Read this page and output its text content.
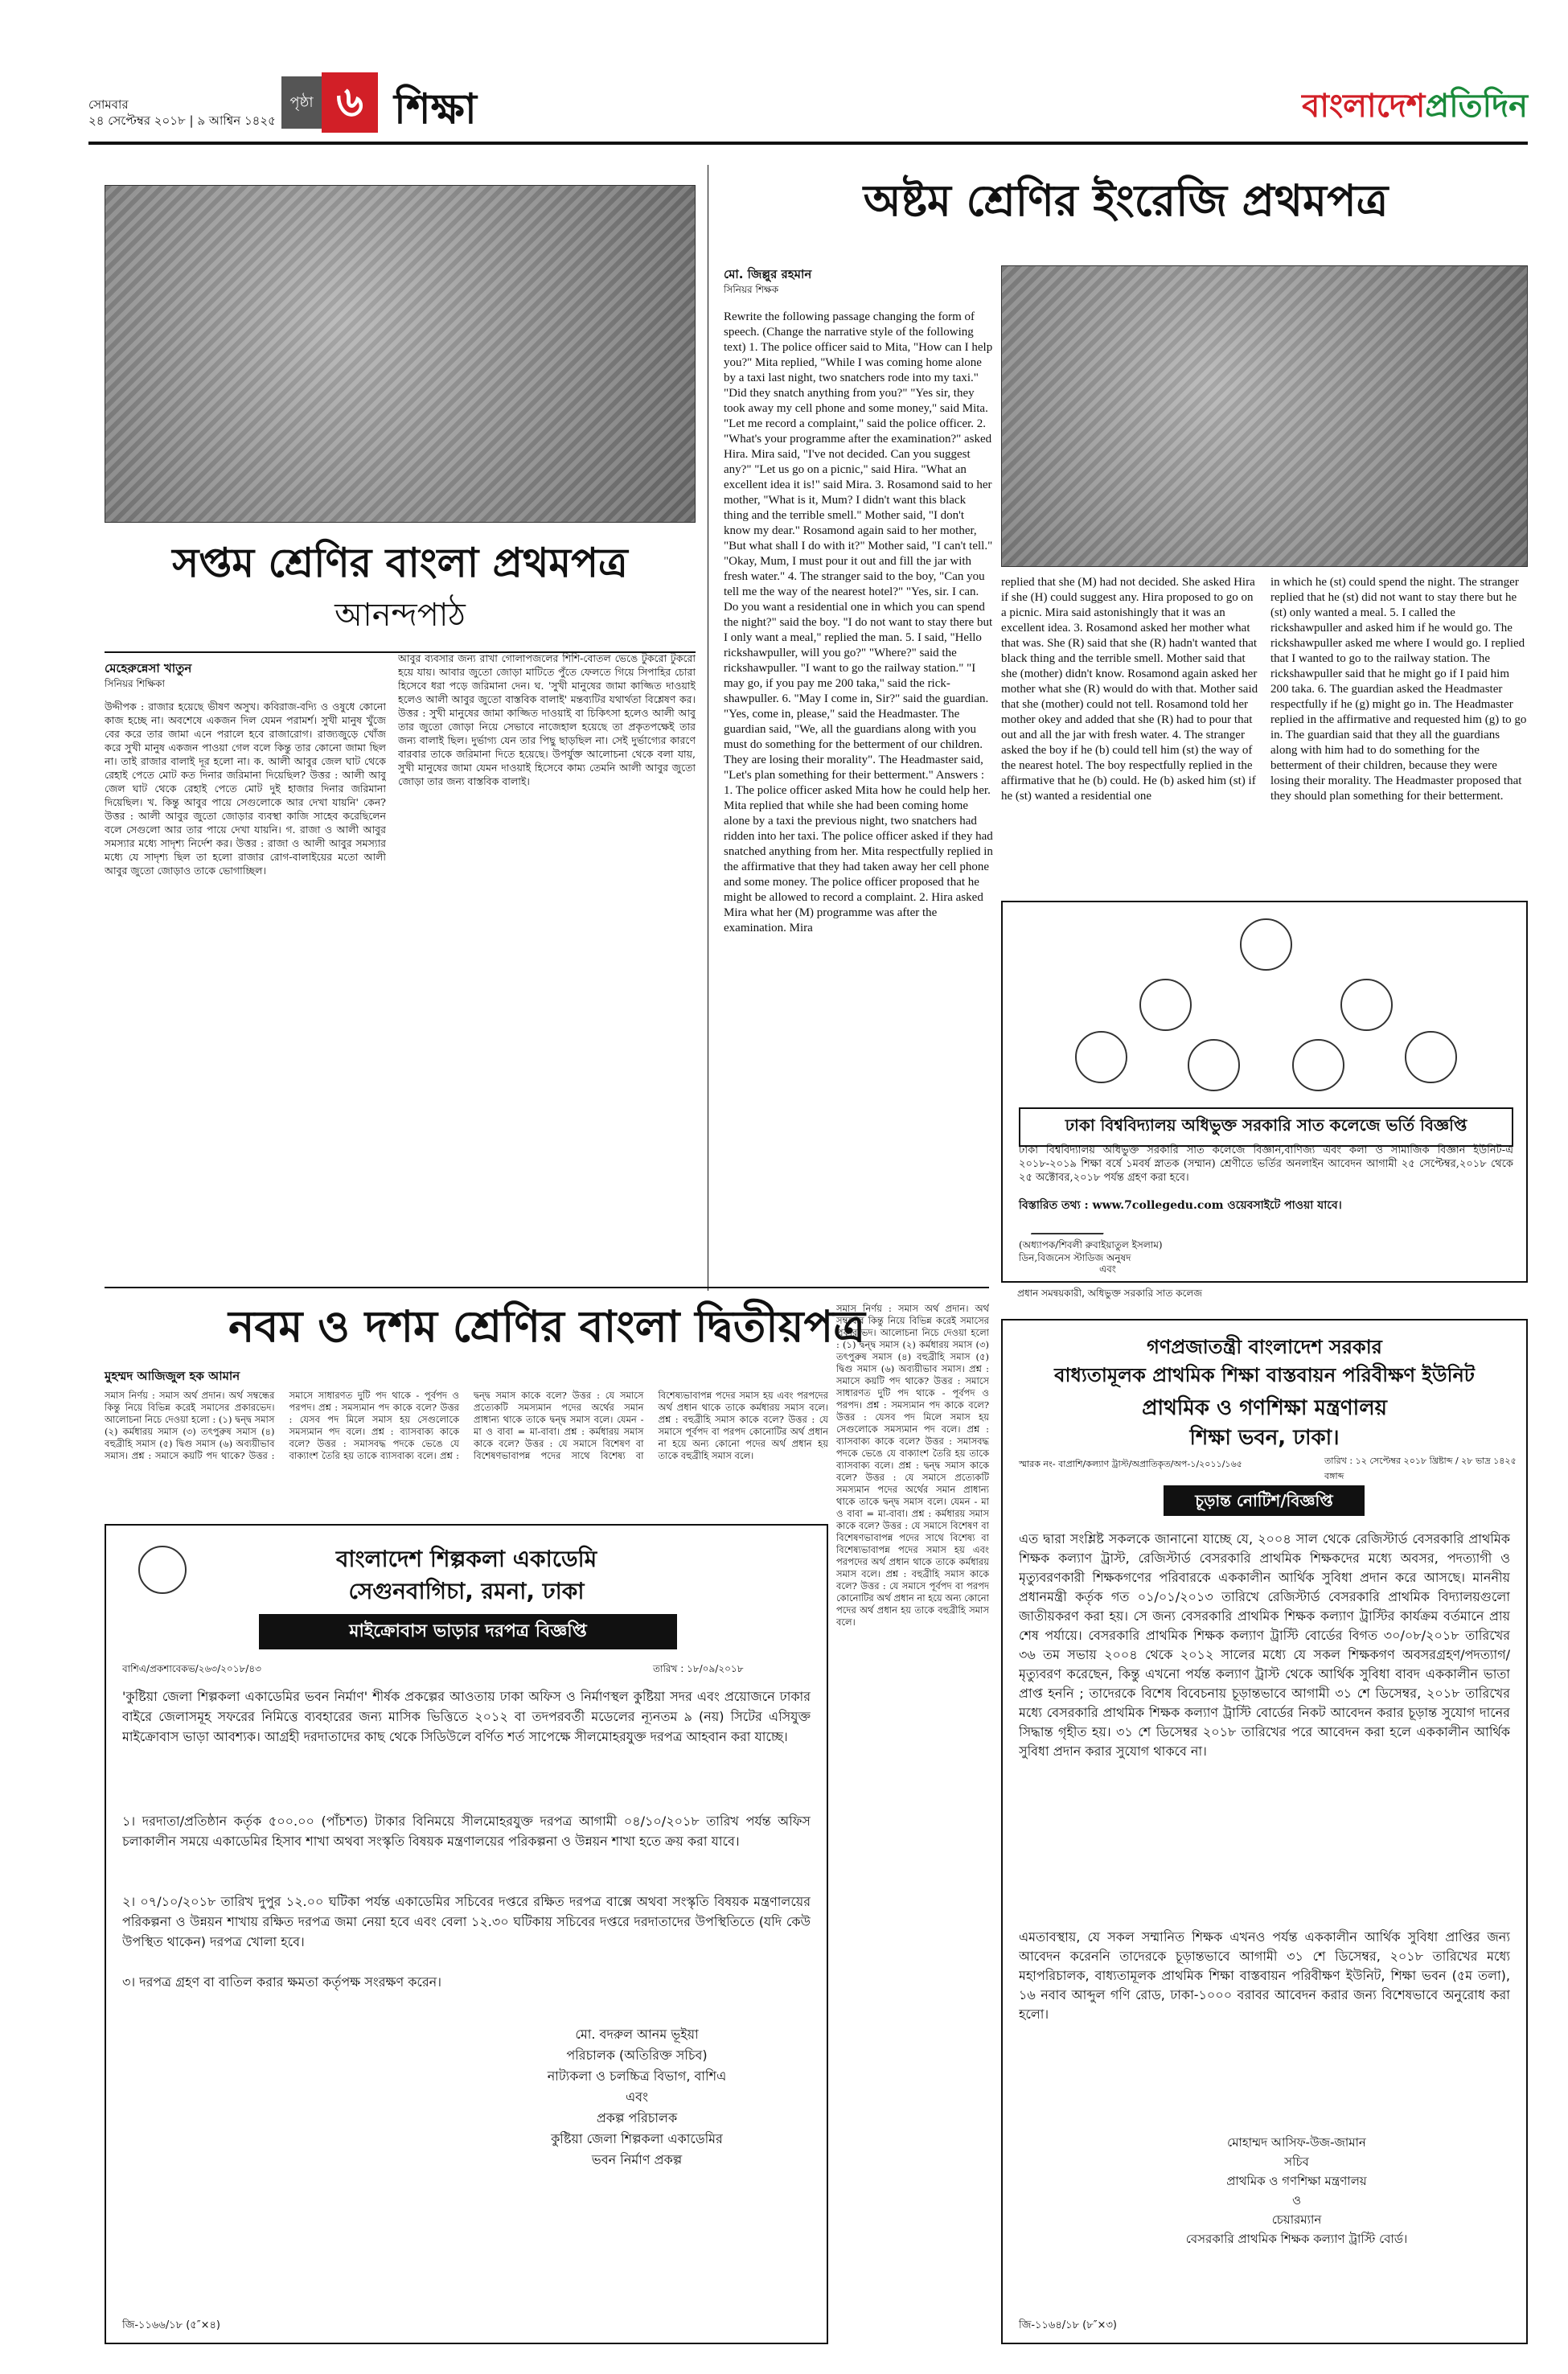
সোমবার
২৪ সেপ্টেম্বর ২০১৮ | ৯ আশ্বিন ১৪২৫
পৃষ্ঠা ৬ শিক্ষা	বাংলাদেশপ্রতিদিন
সপ্তম শ্রেণির বাংলা প্রথমপত্র
আনন্দপাঠ
মেহেরুন্নেসা খাতুন
সিনিয়র শিক্ষিকা
উদ্দীপক : রাজার হয়েছে ভীষণ অসুখ। কবিরাজ-বদ্যি ও ওষুধে কোনো কাজ হচ্ছে না। অবশেষে একজন দিল যেমন পরামর্শ। সুখী মানুষ খুঁজে বের করে তার জামা এনে পরালে হবে রাজারোগ। রাজ্যজুড়ে খোঁজ করে সুখী মানুষ একজন পাওয়া গেল বলে কিন্তু তার কোনো জামা ছিল না। তাই রাজার বালাই দূর হলো না। ক. আলী আবুর জেল ঘাট থেকে রেহাই পেতে মোট কত দিনার জরিমানা দিয়েছিল? উত্তর : আলী আবু জেল ঘাট থেকে রেহাই পেতে মোট দুই হাজার দিনার জরিমানা দিয়েছিল। খ. কিন্তু আবুর পায়ে সেগুলোকে আর দেখা যায়নি' কেন? উত্তর : আলী আবুর জুতো জোড়ার ব্যবস্থা কাজি সাহেব করেছিলেন বলে সেগুলো আর তার পায়ে দেখা যায়নি। গ. রাজা ও আলী আবুর সমস্যার মধ্যে সাদৃশ্য নির্দেশ কর। উত্তর : রাজা ও আলী আবুর সমস্যার মধ্যে যে সাদৃশ্য ছিল তা হলো রাজার রোগ-বালাইয়ের মতো আলী আবুর জুতো জোড়াও তাকে ভোগাচ্ছিল।
আবুর ব্যবসার জন্য রাখা গোলাপজলের শিশি-বোতল ভেঙে টুকরো টুকরো হয়ে যায়। আবার জুতো জোড়া মাটিতে পুঁতে ফেলতে গিয়ে সিপাহির চোরা হিসেবে ধরা পড়ে জরিমানা দেন। ঘ. 'সুখী মানুষের জামা কাজ্জিত দাওয়াই হলেও আলী আবুর জুতো বাস্তবিক বালাই' মন্তব্যটির যথার্থতা বিশ্লেষণ কর। উত্তর : সুখী মানুষের জামা কাজ্জিত দাওয়াই বা চিকিৎসা হলেও আলী আবু তার জুতো জোড়া নিয়ে সেভাবে নাজেহাল হয়েছে তা প্রকৃতপক্ষেই তার জন্য বালাই ছিল। দুর্ভাগ্য যেন তার পিছু ছাড়ছিল না। সেই দুর্ভাগ্যের কারণে বারবার তাকে জরিমানা দিতে হয়েছে। উপর্যুক্ত আলোচনা থেকে বলা যায়, সুখী মানুষের জামা যেমন দাওয়াই হিসেবে কাম্য তেমনি আলী আবুর জুতো জোড়া তার জন্য বাস্তবিক বালাই।
অষ্টম শ্রেণির ইংরেজি প্রথমপত্র
মো. জিল্লুর রহমান
সিনিয়র শিক্ষক
Rewrite the following passage changing the form of speech. (Change the narrative style of the following text) 1. The police officer said to Mita, "How can I help you?" Mita replied, "While I was coming home alone by a taxi last night, two snatchers rode into my taxi." "Did they snatch anything from you?" "Yes sir, they took away my cell phone and some money," said Mita. "Let me record a complaint," said the police officer. 2. "What's your programme after the examination?" asked Hira. Mira said, "I've not decided. Can you suggest any?" "Let us go on a picnic," said Hira. "What an excellent idea it is!" said Mira. 3. Rosamond said to her mother, "What is it, Mum? I didn't want this black thing and the terrible smell." Mother said, "I don't know my dear." Rosamond again said to her mother, "But what shall I do with it?" Mother said, "I can't tell." "Okay, Mum, I must pour it out and fill the jar with fresh water." 4. The stranger said to the boy, "Can you tell me the way of the nearest hotel?" "Yes, sir. I can. Do you want a residential one in which you can spend the night?" said the boy. "I do not want to stay there but I only want a meal," replied the man. 5. I said, "Hello rickshawpuller, will you go?" "Where?" said the rickshawpuller. "I want to go the railway station." "I may go, if you pay me 200 taka," said the rick-shawpuller. 6. "May I come in, Sir?" said the guardian. "Yes, come in, please," said the Headmaster. The guardian said, "We, all the guardians along with you must do something for the betterment of our children. They are losing their morality". The Headmaster said, "Let's plan something for their betterment." Answers : 1. The police officer asked Mita how he could help her. Mita replied that while she had been coming home alone by a taxi the previous night, two snatchers had ridden into her taxi. The police officer asked if they had snatched anything from her. Mita respectfully replied in the affirmative that they had taken away her cell phone and some money. The police officer proposed that he might be allowed to record a complaint. 2. Hira asked Mira what her (M) programme was after the examination. Mira
replied that she (M) had not decided. She asked Hira if she (H) could suggest any. Hira proposed to go on a picnic. Mira said astonishingly that it was an excellent idea. 3. Rosamond asked her mother what that was. She (R) said that she (R) hadn't wanted that black thing and the terrible smell. Mother said that she (mother) didn't know. Rosamond again asked her mother what she (R) would do with that. Mother said that she (mother) could not tell. Rosamond told her mother okey and added that she (R) had to pour that out and all the jar with fresh water. 4. The stranger asked the boy if he (b) could tell him (st) the way of the nearest hotel. The boy respectfully replied in the affirmative that he (b) could. He (b) asked him (st) if he (st) wanted a residential one
in which he (st) could spend the night. The stranger replied that he (st) did not want to stay there but he (st) only wanted a meal. 5. I called the rickshawpuller and asked him if he would go. The rickshawpuller asked me where I would go. I replied that I wanted to go to the railway station. The rickshawpuller said that he might go if I paid him 200 taka. 6. The guardian asked the Headmaster respectfully if he (g) might go in. The Headmaster replied in the affirmative and requested him (g) to go in. The guardian said that they all the guardians along with him had to do something for the betterment of their children, because they were losing their morality. The Headmaster proposed that they should plan something for their betterment.
ঢাকা বিশ্ববিদ্যালয় অধিভুক্ত সরকারি সাত কলেজে ভর্তি বিজ্ঞপ্তি
ঢাকা বিশ্ববিদ্যালয় অধিভুক্ত সরকারি সাত কলেজে বিজ্ঞান,বাণিজ্য এবং কলা ও সামাজিক বিজ্ঞান ইউনিট-এ ২০১৮-২০১৯ শিক্ষা বর্ষে ১মবর্ষ স্নাতক (সম্মান) শ্রেণীতে ভর্তির অনলাইন আবেদন আগামী ২৫ সেপ্টেম্বর,২০১৮ থেকে ২৫ অক্টোবর,২০১৮ পর্যন্ত গ্রহণ করা হবে।
বিস্তারিত তথ্য : www.7collegedu.com ওয়েবসাইটে পাওয়া যাবে।
(অধ্যাপক/শিবলী রুবাইয়াতুল ইসলাম)
ডিন,বিজনেস স্টাডিজ অনুষদ
এবং
প্রধান সমন্বয়কারী, অধিভুক্ত সরকারি সাত কলেজ
নবম ও দশম শ্রেণির বাংলা দ্বিতীয়পত্র
মুহম্মদ আজিজুল হক আমান
সমাস নির্ণয় : সমাস অর্থ প্রদান। অর্থ সম্বন্ধের কিন্তু নিয়ে বিভিন্ন করেই সমাসের প্রকারভেদ। আলোচনা নিচে দেওয়া হলো : (১) দ্বন্দ্ব সমাস (২) কর্মধারয় সমাস (৩) তৎপুরুষ সমাস (৪) বহুব্রীহি সমাস (৫) দ্বিগু সমাস (৬) অব্যয়ীভাব সমাস। প্রশ্ন : সমাসে কয়টি পদ থাকে? উত্তর : সমাসে সাধারণত দুটি পদ থাকে - পূর্বপদ ও পরপদ। প্রশ্ন : সমস্যমান পদ কাকে বলে? উত্তর : যেসব পদ মিলে সমাস হয় সেগুলোকে সমস্যমান পদ বলে। প্রশ্ন : ব্যাসবাক্য কাকে বলে? উত্তর : সমাসবদ্ধ পদকে ভেঙে যে বাক্যাংশ তৈরি হয় তাকে ব্যাসবাক্য বলে। প্রশ্ন : দ্বন্দ্ব সমাস কাকে বলে? উত্তর : যে সমাসে প্রত্যেকটি সমস্যমান পদের অর্থের সমান প্রাধান্য থাকে তাকে দ্বন্দ্ব সমাস বলে। যেমন - মা ও বাবা = মা-বাবা। প্রশ্ন : কর্মধারয় সমাস কাকে বলে? উত্তর : যে সমাসে বিশেষণ বা বিশেষণভাবাপন্ন পদের সাথে বিশেষ্য বা বিশেষ্যভাবাপন্ন পদের সমাস হয় এবং পরপদের অর্থ প্রধান থাকে তাকে কর্মধারয় সমাস বলে। প্রশ্ন : বহুব্রীহি সমাস কাকে বলে? উত্তর : যে সমাসে পূর্বপদ বা পরপদ কোনোটির অর্থ প্রধান না হয়ে অন্য কোনো পদের অর্থ প্রধান হয় তাকে বহুব্রীহি সমাস বলে।
সমাস নির্ণয় : সমাস অর্থ প্রদান। অর্থ সম্বন্ধের কিন্তু নিয়ে বিভিন্ন করেই সমাসের প্রকারভেদ। আলোচনা নিচে দেওয়া হলো : (১) দ্বন্দ্ব সমাস (২) কর্মধারয় সমাস (৩) তৎপুরুষ সমাস (৪) বহুব্রীহি সমাস (৫) দ্বিগু সমাস (৬) অব্যয়ীভাব সমাস। প্রশ্ন : সমাসে কয়টি পদ থাকে? উত্তর : সমাসে সাধারণত দুটি পদ থাকে - পূর্বপদ ও পরপদ। প্রশ্ন : সমস্যমান পদ কাকে বলে? উত্তর : যেসব পদ মিলে সমাস হয় সেগুলোকে সমস্যমান পদ বলে। প্রশ্ন : ব্যাসবাক্য কাকে বলে? উত্তর : সমাসবদ্ধ পদকে ভেঙে যে বাক্যাংশ তৈরি হয় তাকে ব্যাসবাক্য বলে। প্রশ্ন : দ্বন্দ্ব সমাস কাকে বলে? উত্তর : যে সমাসে প্রত্যেকটি সমস্যমান পদের অর্থের সমান প্রাধান্য থাকে তাকে দ্বন্দ্ব সমাস বলে। যেমন - মা ও বাবা = মা-বাবা। প্রশ্ন : কর্মধারয় সমাস কাকে বলে? উত্তর : যে সমাসে বিশেষণ বা বিশেষণভাবাপন্ন পদের সাথে বিশেষ্য বা বিশেষ্যভাবাপন্ন পদের সমাস হয় এবং পরপদের অর্থ প্রধান থাকে তাকে কর্মধারয় সমাস বলে। প্রশ্ন : বহুব্রীহি সমাস কাকে বলে? উত্তর : যে সমাসে পূর্বপদ বা পরপদ কোনোটির অর্থ প্রধান না হয়ে অন্য কোনো পদের অর্থ প্রধান হয় তাকে বহুব্রীহি সমাস বলে।
গণপ্রজাতন্ত্রী বাংলাদেশ সরকার
বাধ্যতামূলক প্রাথমিক শিক্ষা বাস্তবায়ন পরিবীক্ষণ ইউনিট
প্রাথমিক ও গণশিক্ষা মন্ত্রণালয়
শিক্ষা ভবন, ঢাকা।
স্মারক নং- বাপ্রাশি/কল্যাণ ট্রাস্ট/অপ্রাতিকৃত/অপ-১/২০১১/১৬৫	তারিখ : ১২ সেপ্টেম্বর ২০১৮ খ্রিষ্টাব্দ / ২৮ ভাদ্র ১৪২৫ বঙ্গাব্দ
চূড়ান্ত নোটিশ/বিজ্ঞপ্তি
এত দ্বারা সংশ্লিষ্ট সকলকে জানানো যাচ্ছে যে, ২০০৪ সাল থেকে রেজিস্টার্ড বেসরকারি প্রাথমিক শিক্ষক কল্যাণ ট্রাস্ট, রেজিস্টার্ড বেসরকারি প্রাথমিক শিক্ষকদের মধ্যে অবসর, পদত্যাগী ও মৃত্যুবরণকারী শিক্ষকগণের পরিবারকে এককালীন আর্থিক সুবিধা প্রদান করে আসছে। মাননীয় প্রধানমন্ত্রী কর্তৃক গত ০১/০১/২০১৩ তারিখে রেজিস্টার্ড বেসরকারি প্রাথমিক বিদ্যালয়গুলো জাতীয়করণ করা হয়। সে জন্য বেসরকারি প্রাথমিক শিক্ষক কল্যাণ ট্রাস্টির কার্যক্রম বর্তমানে প্রায় শেষ পর্যায়ে। বেসরকারি প্রাথমিক শিক্ষক কল্যাণ ট্রাস্টি বোর্ডের বিগত ৩০/০৮/২০১৮ তারিখের ৩৬ তম সভায় ২০০৪ থেকে ২০১২ সালের মধ্যে যে সকল শিক্ষকগণ অবসরগ্রহণ/পদত্যাগ/মৃত্যুবরণ করেছেন, কিন্তু এখনো পর্যন্ত কল্যাণ ট্রাস্ট থেকে আর্থিক সুবিধা বাবদ এককালীন ভাতা প্রাপ্ত হননি ; তাদেরকে বিশেষ বিবেচনায় চূড়ান্তভাবে আগামী ৩১ শে ডিসেম্বর, ২০১৮ তারিখের মধ্যে বেসরকারি প্রাথমিক শিক্ষক কল্যাণ ট্রাস্টি বোর্ডের নিকট আবেদন করার চূড়ান্ত সুযোগ দানের সিদ্ধান্ত গৃহীত হয়। ৩১ শে ডিসেম্বর ২০১৮ তারিখের পরে আবেদন করা হলে এককালীন আর্থিক সুবিধা প্রদান করার সুযোগ থাকবে না।
এমতাবস্থায়, যে সকল সম্মানিত শিক্ষক এখনও পর্যন্ত এককালীন আর্থিক সুবিধা প্রাপ্তির জন্য আবেদন করেননি তাদেরকে চূড়ান্তভাবে আগামী ৩১ শে ডিসেম্বর, ২০১৮ তারিখের মধ্যে মহাপরিচালক, বাধ্যতামূলক প্রাথমিক শিক্ষা বাস্তবায়ন পরিবীক্ষণ ইউনিট, শিক্ষা ভবন (৫ম তলা), ১৬ নবাব আব্দুল গণি রোড, ঢাকা-১০০০ বরাবর আবেদন করার জন্য বিশেষভাবে অনুরোধ করা হলো।
মোহাম্মদ আসিফ-উজ-জামান
সচিব
প্রাথমিক ও গণশিক্ষা মন্ত্রণালয়
ও
চেয়ারম্যান
বেসরকারি প্রাথমিক শিক্ষক কল্যাণ ট্রাস্টি বোর্ড।
জি-১১৬৪/১৮ (৮″×৩)
বাংলাদেশ শিল্পকলা একাডেমি
সেগুনবাগিচা, রমনা, ঢাকা
মাইক্রোবাস ভাড়ার দরপত্র বিজ্ঞপ্তি
বাশিএ/প্রকশাবেকভ/২৬৩/২০১৮/৪৩	তারিখ : ১৮/০৯/২০১৮
'কুষ্টিয়া জেলা শিল্পকলা একাডেমির ভবন নির্মাণ' শীর্ষক প্রকল্পের আওতায় ঢাকা অফিস ও নির্মাণস্থল কুষ্টিয়া সদর এবং প্রয়োজনে ঢাকার বাইরে জেলাসমূহ সফরের নিমিত্তে ব্যবহারের জন্য মাসিক ভিত্তিতে ২০১২ বা তদপরবর্তী মডেলের ন্যূনতম ৯ (নয়) সিটের এসিযুক্ত মাইক্রোবাস ভাড়া আবশ্যক। আগ্রহী দরদাতাদের কাছ থেকে সিডিউলে বর্ণিত শর্ত সাপেক্ষে সীলমোহরযুক্ত দরপত্র আহবান করা যাচ্ছে।
১। দরদাতা/প্রতিষ্ঠান কর্তৃক ৫০০.০০ (পাঁচশত) টাকার বিনিময়ে সীলমোহরযুক্ত দরপত্র আগামী ০৪/১০/২০১৮ তারিখ পর্যন্ত অফিস চলাকালীন সময়ে একাডেমির হিসাব শাখা অথবা সংস্কৃতি বিষয়ক মন্ত্রণালয়ের পরিকল্পনা ও উন্নয়ন শাখা হতে ক্রয় করা যাবে।
২। ০৭/১০/২০১৮ তারিখ দুপুর ১২.০০ ঘটিকা পর্যন্ত একাডেমির সচিবের দপ্তরে রক্ষিত দরপত্র বাক্সে অথবা সংস্কৃতি বিষয়ক মন্ত্রণালয়ের পরিকল্পনা ও উন্নয়ন শাখায় রক্ষিত দরপত্র জমা নেয়া হবে এবং বেলা ১২.৩০ ঘটিকায় সচিবের দপ্তরে দরদাতাদের উপস্থিতিতে (যদি কেউ উপস্থিত থাকেন) দরপত্র খোলা হবে।
৩। দরপত্র গ্রহণ বা বাতিল করার ক্ষমতা কর্তৃপক্ষ সংরক্ষণ করেন।
মো. বদরুল আনম ভূইয়া
পরিচালক (অতিরিক্ত সচিব)
নাট্যকলা ও চলচ্চিত্র বিভাগ, বাশিএ
এবং
প্রকল্প পরিচালক
কুষ্টিয়া জেলা শিল্পকলা একাডেমির
ভবন নির্মাণ প্রকল্প
জি-১১৬৬/১৮ (৫″×৪)
